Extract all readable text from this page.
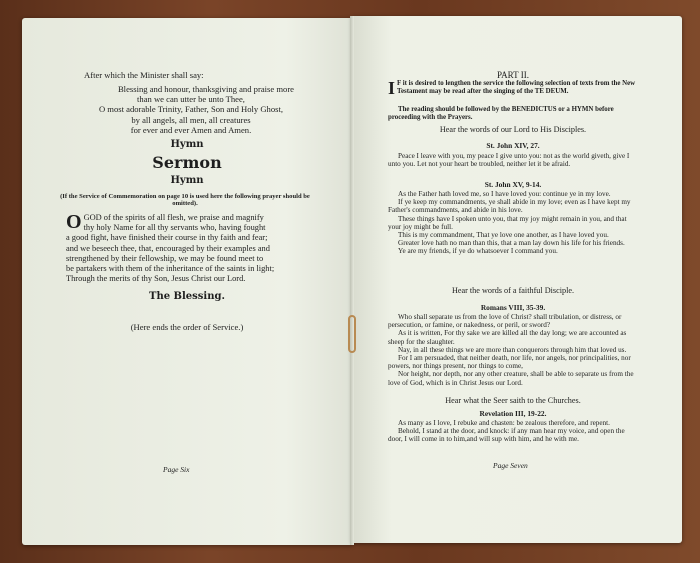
After which the Minister shall say:
Blessing and honour, thanksgiving and praise more
than we can utter be unto Thee,
O most adorable Trinity, Father, Son and Holy Ghost,
by all angels, all men, all creatures
for ever and ever Amen and Amen.
Hymn
Sermon
Hymn
(If the Service of Commemoration on page 10 is used here the following prayer should be omitted).
O GOD of the spirits of all flesh, we praise and magnify
thy holy Name for all thy servants who, having fought
a good fight, have finished their course in thy faith and fear;
and we beseech thee, that, encouraged by their examples and
strengthened by their fellowship, we may be found meet to
be partakers with them of the inheritance of the saints in light;
Through the merits of thy Son, Jesus Christ our Lord.
The Blessing.
(Here ends the order of Service.)
Page Six
PART II.
I F it is desired to lengthen the service the following selection of texts from the New Testament may be read after the singing of the TE DEUM.

The reading should be followed by the BENEDICTUS or a HYMN before proceeding with the Prayers.

Hear the words of our Lord to His Disciples.
St. John XIV, 27.

Peace I leave with you, my peace I give unto you: not as the world giveth, give I unto you. Let not your heart be troubled, neither let it be afraid.

St. John XV, 9-14.

As the Father hath loved me, so I have loved you: continue ye in my love.

If ye keep my commandments, ye shall abide in my love; even as I have kept my Father's commandments, and abide in his love.

These things have I spoken unto you, that my joy might remain in you, and that your joy might be full.

This is my commandment, That ye love one another, as I have loved you.

Greater love hath no man than this, that a man lay down his life for his friends.

Ye are my friends, if ye do whatsoever I command you.

Hear the words of a faithful Disciple.
Romans VIII, 35-39.

Who shall separate us from the love of Christ? shall tribulation, or distress, or persecution, or famine, or nakedness, or peril, or sword?

As it is written, For thy sake we are killed all the day long; we are accounted as sheep for the slaughter.

Nay, in all these things we are more than conquerors through him that loved us.

For I am persuaded, that neither death, nor life, nor angels, nor principalities, nor powers, nor things present, nor things to come,

Nor height, nor depth, nor any other creature, shall be able to separate us from the love of God, which is in Christ Jesus our Lord.

Hear what the Seer saith to the Churches.
Revelation III, 19-22.

As many as I love, I rebuke and chasten: be zealous therefore, and repent.

Behold, I stand at the door, and knock: if any man hear my voice, and open the door, I will come in to him,and will sup with him, and he with me.

Page Seven
